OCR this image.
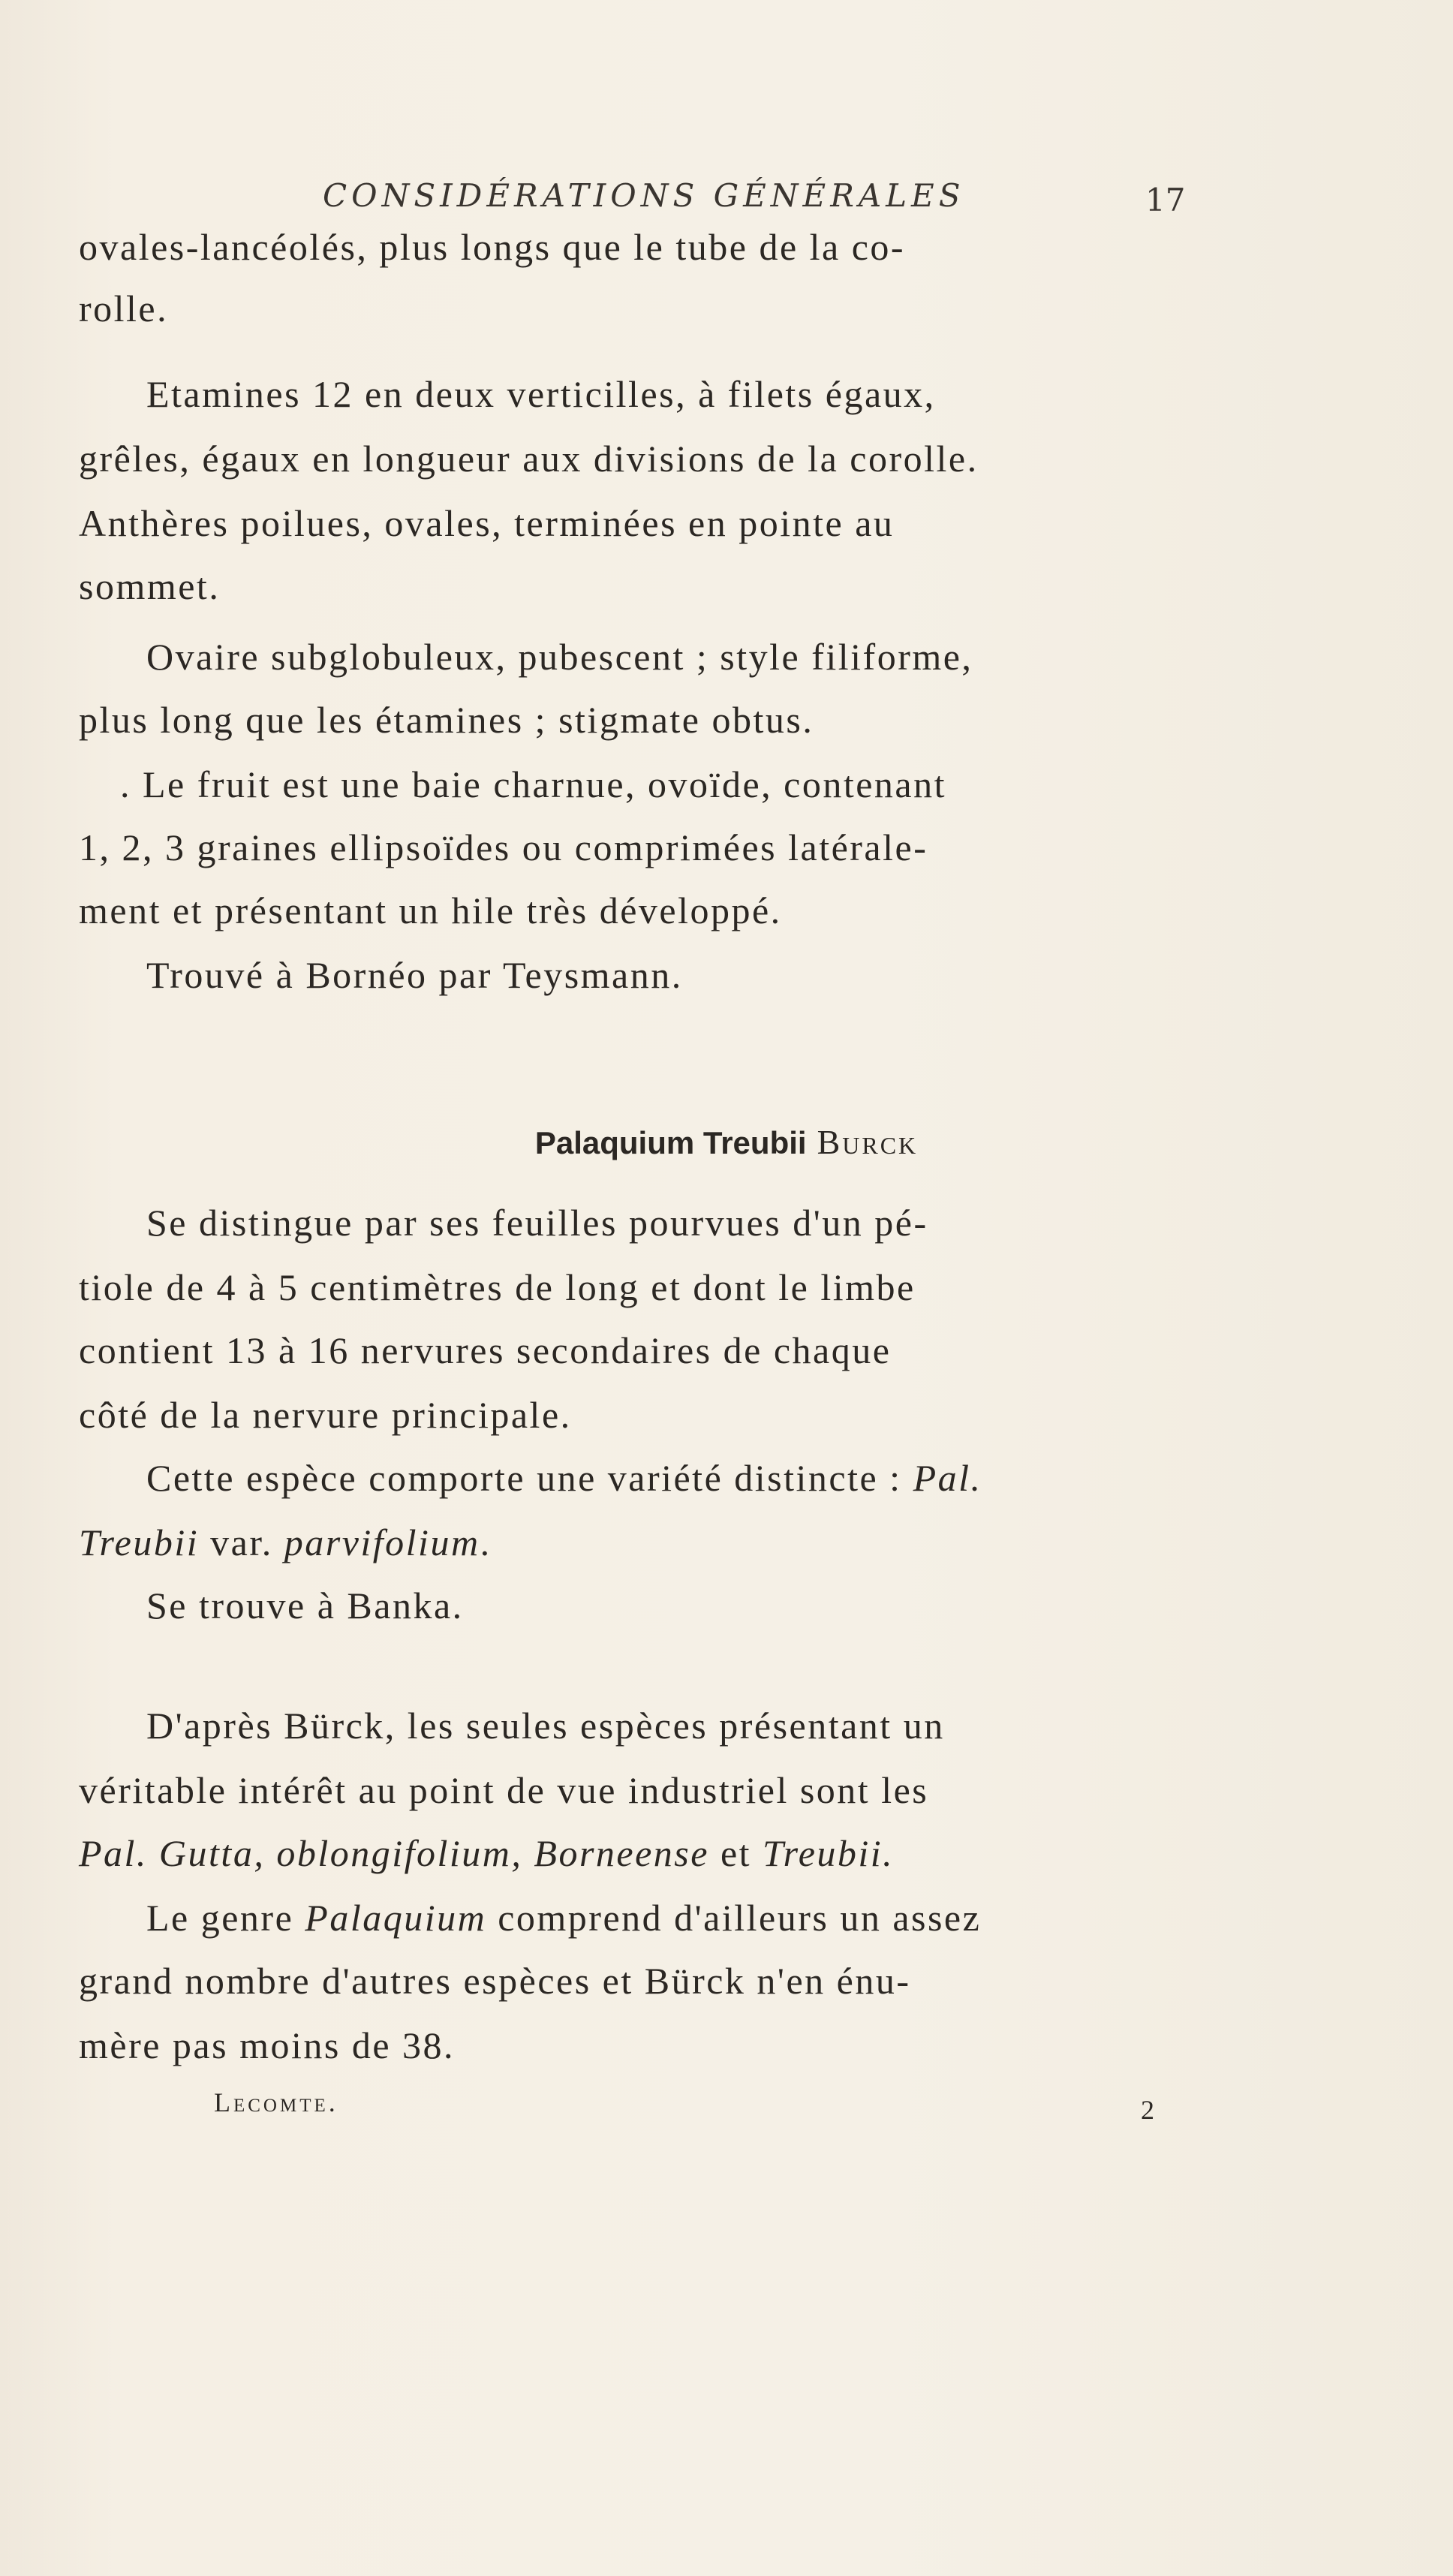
CONSIDÉRATIONS GÉNÉRALES	17
ovales-lancéolés, plus longs que le tube de la co-
rolle.
Etamines 12 en deux verticilles, à filets égaux,
grêles, égaux en longueur aux divisions de la corolle.
Anthères poilues, ovales, terminées en pointe au
sommet.
Ovaire subglobuleux, pubescent ; style filiforme,
plus long que les étamines ; stigmate obtus.
. Le fruit est une baie charnue, ovoïde, contenant
1, 2, 3 graines ellipsoïdes ou comprimées latérale-
ment et présentant un hile très développé.
Trouvé à Bornéo par Teysmann.
Palaquium Treubii Burck
Se distingue par ses feuilles pourvues d'un pé-
tiole de 4 à 5 centimètres de long et dont le limbe
contient 13 à 16 nervures secondaires de chaque
côté de la nervure principale.
Cette espèce comporte une variété distincte : Pal.
Treubii var. parvifolium.
Se trouve à Banka.
D'après Bürck, les seules espèces présentant un
véritable intérêt au point de vue industriel sont les
Pal. Gutta, oblongifolium, Borneense et Treubii.
Le genre Palaquium comprend d'ailleurs un assez
grand nombre d'autres espèces et Bürck n'en énu-
mère pas moins de 38.
Lecomte.	2
